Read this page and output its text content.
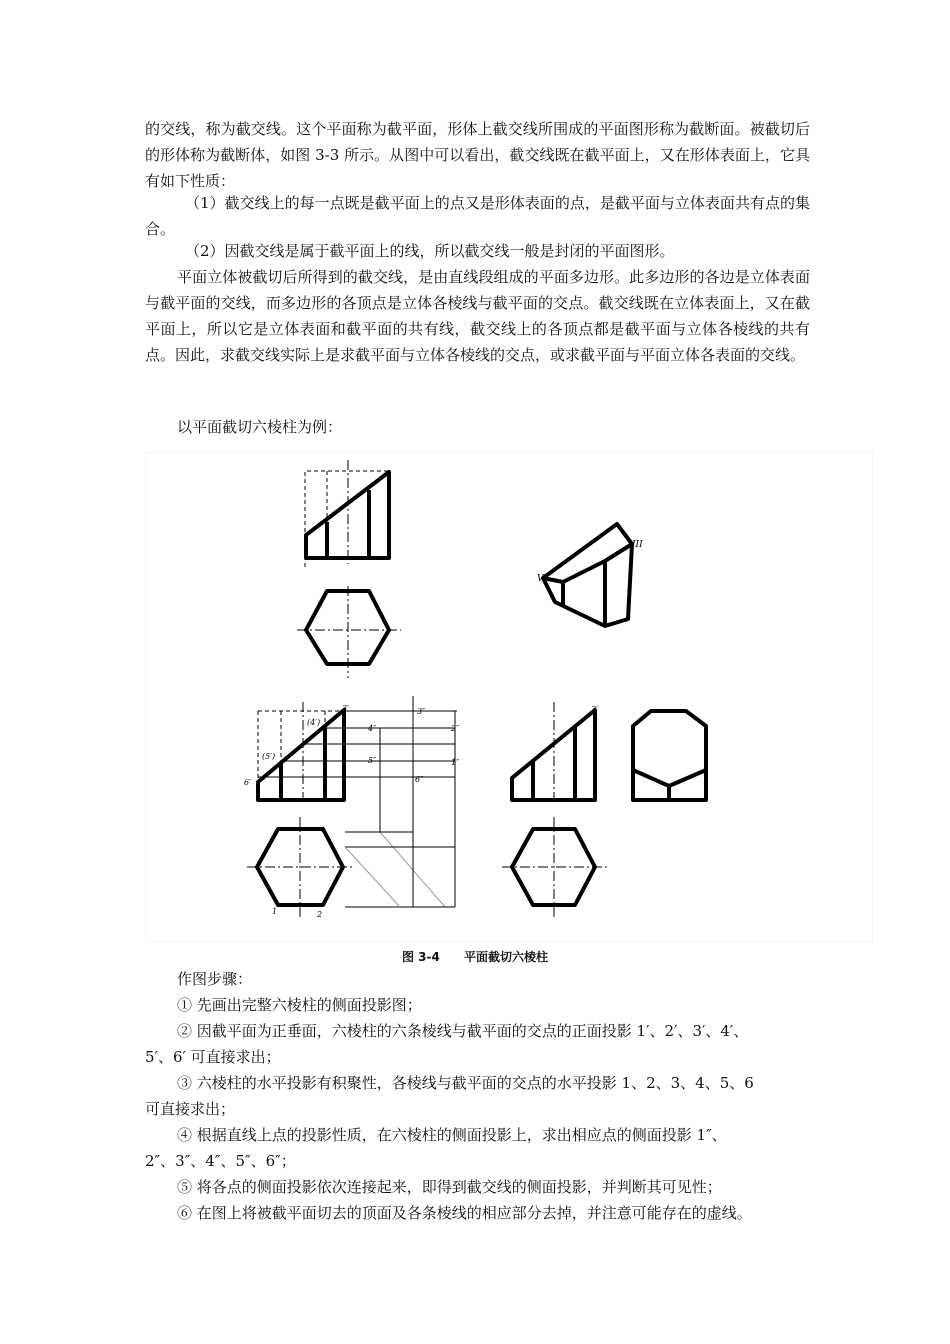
的交线，称为截交线。这个平面称为截平面，形体上截交线所围成的平面图形称为截断面。被截切后的形体称为截断体，如图 3-3 所示。从图中可以看出，截交线既在截平面上，又在形体表面上，它具有如下性质：

（1）截交线上的每一点既是截平面上的点又是形体表面的点，是截平面与立体表面共有点的集合。

（2）因截交线是属于截平面上的线，所以截交线一般是封闭的平面图形。

平面立体被截切后所得到的截交线，是由直线段组成的平面多边形。此多边形的各边是立体表面与截平面的交线，而多边形的各顶点是立体各棱线与截平面的交点。截交线既在立体表面上，又在截平面上，所以它是立体表面和截平面的共有线，截交线上的各顶点都是截平面与立体各棱线的共有点。因此，求截交线实际上是求截平面与立体各棱线的交点，或求截平面与平面立体各表面的交线。

以平面截切六棱柱为例：

III
VI
3′
(4′)
(5′)
6′
3″
2″
1″
4″
5″
6″
1	2
3
4
3′
图 3-4 平面截切六棱柱
作图步骤：
① 先画出完整六棱柱的侧面投影图；
② 因截平面为正垂面，六棱柱的六条棱线与截平面的交点的正面投影 1′、2′、3′、4′、
5′、6′ 可直接求出；
③ 六棱柱的水平投影有积聚性，各棱线与截平面的交点的水平投影 1、2、3、4、5、6
可直接求出；
④ 根据直线上点的投影性质，在六棱柱的侧面投影上，求出相应点的侧面投影 1″、
2″、3″、4″、5″、6″；
⑤ 将各点的侧面投影依次连接起来，即得到截交线的侧面投影，并判断其可见性；
⑥ 在图上将被截平面切去的顶面及各条棱线的相应部分去掉，并注意可能存在的虚线。
